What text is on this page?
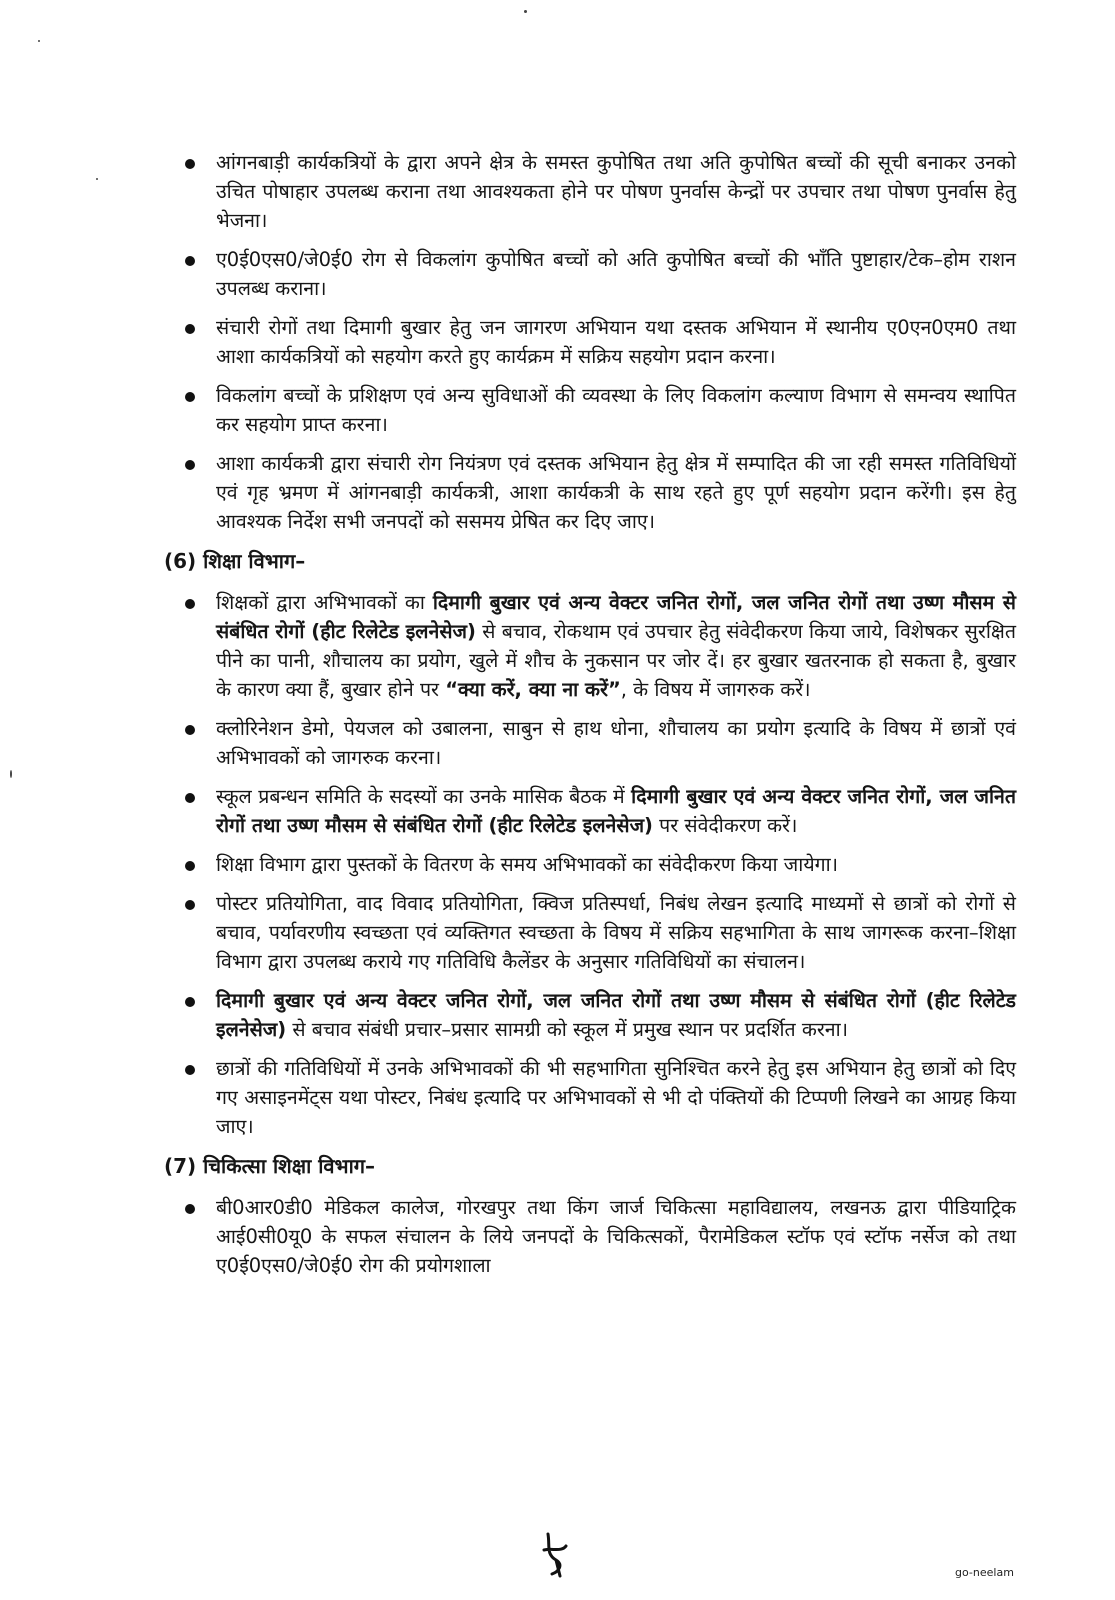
आंगनबाड़ी कार्यकत्रियों के द्वारा अपने क्षेत्र के समस्त कुपोषित तथा अति कुपोषित बच्चों की सूची बनाकर उनको उचित पोषाहार उपलब्ध कराना तथा आवश्यकता होने पर पोषण पुनर्वास केन्द्रों पर उपचार तथा पोषण पुनर्वास हेतु भेजना।
ए0ई0एस0/जे0ई0 रोग से विकलांग कुपोषित बच्चों को अति कुपोषित बच्चों की भाँति पुष्टाहार/टेक–होम राशन उपलब्ध कराना।
संचारी रोगों तथा दिमागी बुखार हेतु जन जागरण अभियान यथा दस्तक अभियान में स्थानीय ए0एन0एम0 तथा आशा कार्यकत्रियों को सहयोग करते हुए कार्यक्रम में सक्रिय सहयोग प्रदान करना।
विकलांग बच्चों के प्रशिक्षण एवं अन्य सुविधाओं की व्यवस्था के लिए विकलांग कल्याण विभाग से समन्वय स्थापित कर सहयोग प्राप्त करना।
आशा कार्यकत्री द्वारा संचारी रोग नियंत्रण एवं दस्तक अभियान हेतु क्षेत्र में सम्पादित की जा रही समस्त गतिविधियों एवं गृह भ्रमण में आंगनबाड़ी कार्यकत्री, आशा कार्यकत्री के साथ रहते हुए पूर्ण सहयोग प्रदान करेंगी। इस हेतु आवश्यक निर्देश सभी जनपदों को ससमय प्रेषित कर दिए जाए।
(6) शिक्षा विभाग–
शिक्षकों द्वारा अभिभावकों का दिमागी बुखार एवं अन्य वेक्टर जनित रोगों, जल जनित रोगों तथा उष्ण मौसम से संबंधित रोगों (हीट रिलेटेड इलनेसेज) से बचाव, रोकथाम एवं उपचार हेतु संवेदीकरण किया जाये, विशेषकर सुरक्षित पीने का पानी, शौचालय का प्रयोग, खुले में शौच के नुकसान पर जोर दें। हर बुखार खतरनाक हो सकता है, बुखार के कारण क्या हैं, बुखार होने पर “क्या करें, क्या ना करें”, के विषय में जागरुक करें।
क्लोरिनेशन डेमो, पेयजल को उबालना, साबुन से हाथ धोना, शौचालय का प्रयोग इत्यादि के विषय में छात्रों एवं अभिभावकों को जागरुक करना।
स्कूल प्रबन्धन समिति के सदस्यों का उनके मासिक बैठक में दिमागी बुखार एवं अन्य वेक्टर जनित रोगों, जल जनित रोगों तथा उष्ण मौसम से संबंधित रोगों (हीट रिलेटेड इलनेसेज) पर संवेदीकरण करें।
शिक्षा विभाग द्वारा पुस्तकों के वितरण के समय अभिभावकों का संवेदीकरण किया जायेगा।
पोस्टर प्रतियोगिता, वाद विवाद प्रतियोगिता, क्विज प्रतिस्पर्धा, निबंध लेखन इत्यादि माध्यमों से छात्रों को रोगों से बचाव, पर्यावरणीय स्वच्छता एवं व्यक्तिगत स्वच्छता के विषय में सक्रिय सहभागिता के साथ जागरूक करना–शिक्षा विभाग द्वारा उपलब्ध कराये गए गतिविधि कैलेंडर के अनुसार गतिविधियों का संचालन।
दिमागी बुखार एवं अन्य वेक्टर जनित रोगों, जल जनित रोगों तथा उष्ण मौसम से संबंधित रोगों (हीट रिलेटेड इलनेसेज) से बचाव संबंधी प्रचार–प्रसार सामग्री को स्कूल में प्रमुख स्थान पर प्रदर्शित करना।
छात्रों की गतिविधियों में उनके अभिभावकों की भी सहभागिता सुनिश्चित करने हेतु इस अभियान हेतु छात्रों को दिए गए असाइनमेंट्स यथा पोस्टर, निबंध इत्यादि पर अभिभावकों से भी दो पंक्तियों की टिप्पणी लिखने का आग्रह किया जाए।
(7) चिकित्सा शिक्षा विभाग–
बी0आर0डी0 मेडिकल कालेज, गोरखपुर तथा किंग जार्ज चिकित्सा महाविद्यालय, लखनऊ द्वारा पीडियाट्रिक आई0सी0यू0 के सफल संचालन के लिये जनपदों के चिकित्सकों, पैरामेडिकल स्टॉफ एवं स्टॉफ नर्सेज को तथा ए0ई0एस0/जे0ई0 रोग की प्रयोगशाला
go-neelam
